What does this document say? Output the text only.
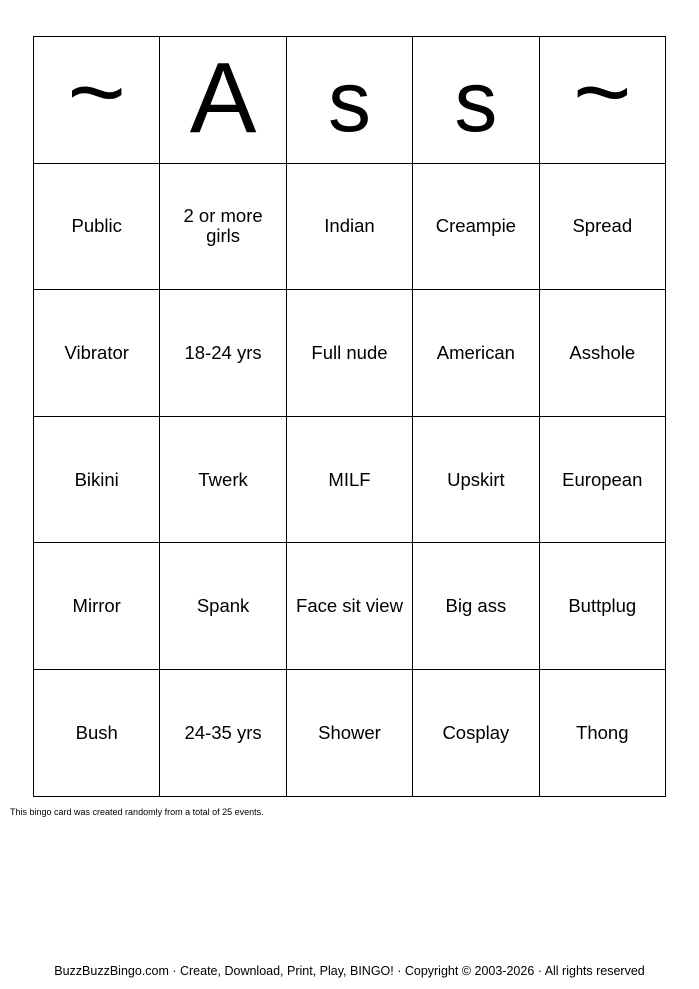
~	A	s	s	~
Public	2 or more girls	Indian	Creampie	Spread
Vibrator	18-24 yrs	Full nude	American	Asshole
Bikini	Twerk	MILF	Upskirt	European
Mirror	Spank	Face sit view	Big ass	Buttplug
Bush	24-35 yrs	Shower	Cosplay	Thong
This bingo card was created randomly from a total of 25 events.
BuzzBuzzBingo.com · Create, Download, Print, Play, BINGO! · Copyright © 2003-2026 · All rights reserved
